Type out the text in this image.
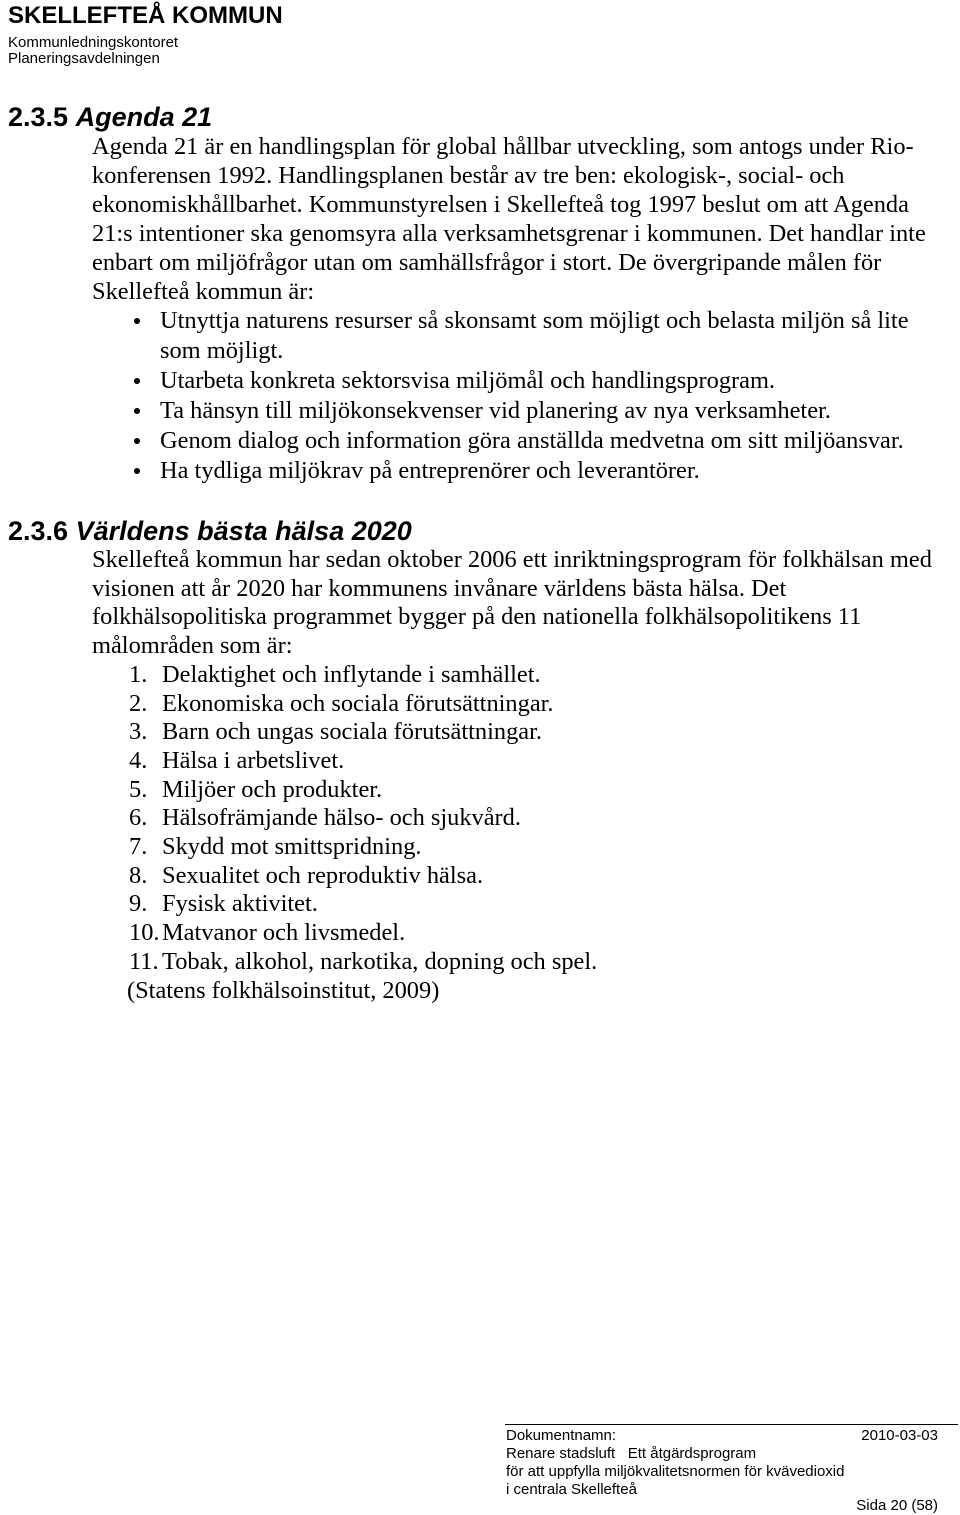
SKELLEFTEÅ KOMMUN
Kommunledningskontoret
Planeringsavdelningen
2.3.5 Agenda 21
Agenda 21 är en handlingsplan för global hållbar utveckling, som antogs under Rio-
konferensen 1992. Handlingsplanen består av tre ben: ekologisk-, social- och
ekonomiskhållbarhet. Kommunstyrelsen i Skellefteå tog 1997 beslut om att Agenda
21:s intentioner ska genomsyra alla verksamhetsgrenar i kommunen. Det handlar inte
enbart om miljöfrågor utan om samhällsfrågor i stort. De övergripande målen för
Skellefteå kommun är:
Utnyttja naturens resurser så skonsamt som möjligt och belasta miljön så lite
som möjligt.
Utarbeta konkreta sektorsvisa miljömål och handlingsprogram.
Ta hänsyn till miljökonsekvenser vid planering av nya verksamheter.
Genom dialog och information göra anställda medvetna om sitt miljöansvar.
Ha tydliga miljökrav på entreprenörer och leverantörer.
2.3.6 Världens bästa hälsa 2020
Skellefteå kommun har sedan oktober 2006 ett inriktningsprogram för folkhälsan med
visionen att år 2020 har kommunens invånare världens bästa hälsa. Det
folkhälsopolitiska programmet bygger på den nationella folkhälsopolitikens 11
målområden som är:
1. Delaktighet och inflytande i samhället.
2. Ekonomiska och sociala förutsättningar.
3. Barn och ungas sociala förutsättningar.
4. Hälsa i arbetslivet.
5. Miljöer och produkter.
6. Hälsofrämjande hälso- och sjukvård.
7. Skydd mot smittspridning.
8. Sexualitet och reproduktiv hälsa.
9. Fysisk aktivitet.
10. Matvanor och livsmedel.
11. Tobak, alkohol, narkotika, dopning och spel.
(Statens folkhälsoinstitut, 2009)
Dokumentnamn:	2010-03-03
Renare stadsluft   Ett åtgärdsprogram
för att uppfylla miljökvalitetsnormen för kvävedioxid
i centrala Skellefteå
Sida 20 (58)
